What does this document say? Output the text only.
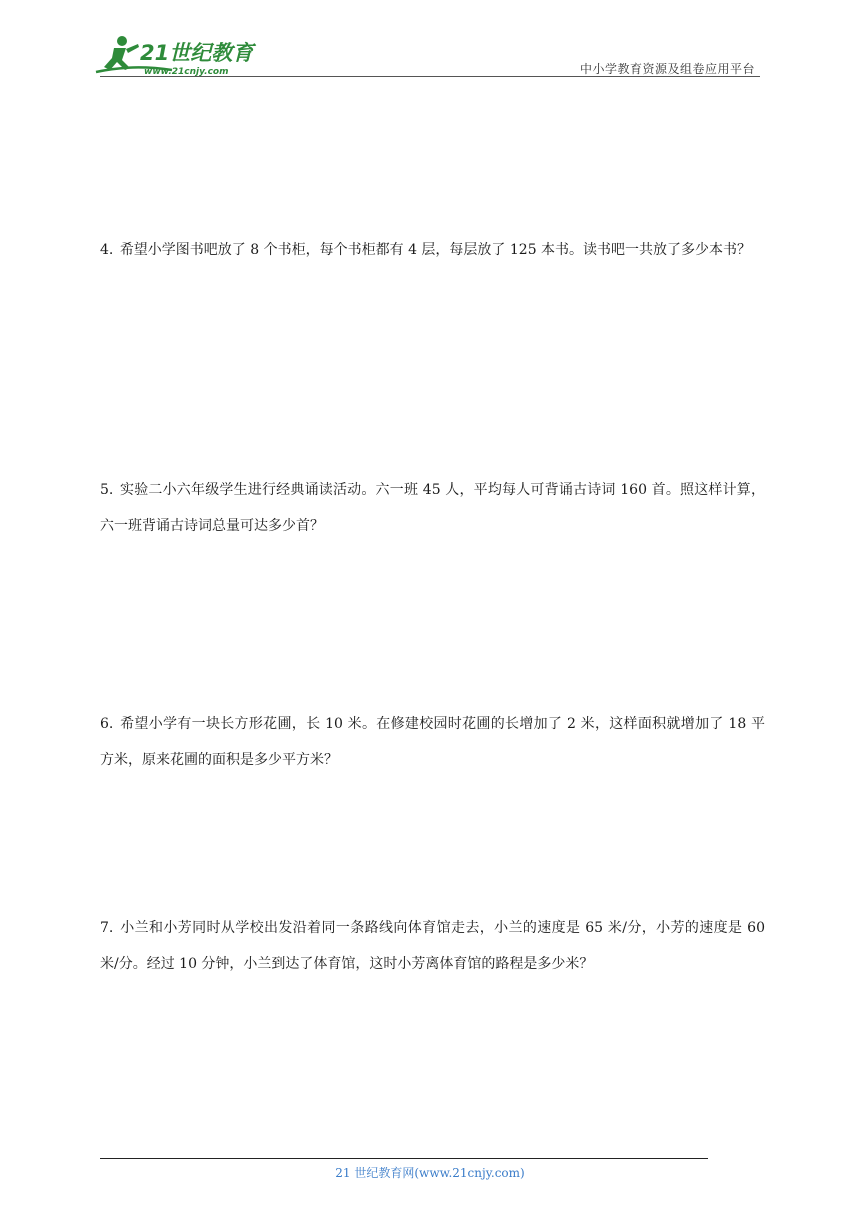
21世纪教育
www.21cnjy.com	中小学教育资源及组卷应用平台
4. 希望小学图书吧放了 8 个书柜，每个书柜都有 4 层，每层放了 125 本书。读书吧一共放了多少本书？
5. 实验二小六年级学生进行经典诵读活动。六一班 45 人，平均每人可背诵古诗词 160 首。照这样计算，六一班背诵古诗词总量可达多少首？
6. 希望小学有一块长方形花圃，长 10 米。在修建校园时花圃的长增加了 2 米，这样面积就增加了 18 平方米，原来花圃的面积是多少平方米？
7. 小兰和小芳同时从学校出发沿着同一条路线向体育馆走去，小兰的速度是 65 米/分，小芳的速度是 60 米/分。经过 10 分钟，小兰到达了体育馆，这时小芳离体育馆的路程是多少米？
21 世纪教育网(www.21cnjy.com)
